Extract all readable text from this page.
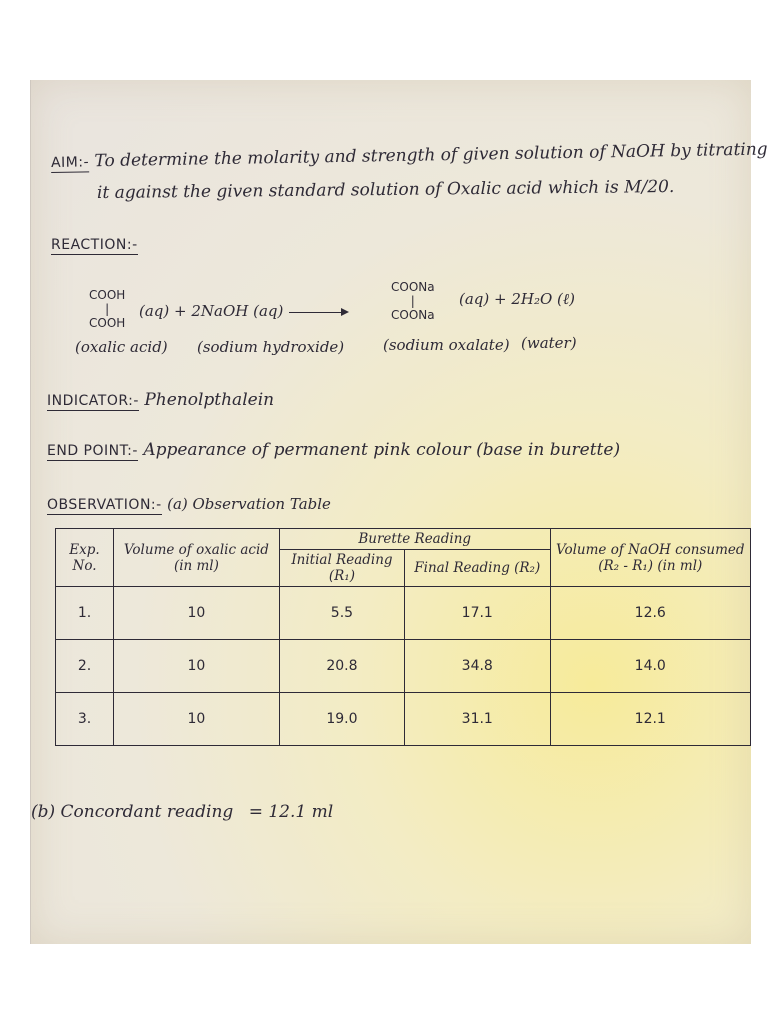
AIM:- To determine the molarity and strength of given solution of NaOH by titrating
it against the given standard solution of Oxalic acid which is M/20.
REACTION:-
COOH
|
COOH
(aq) + 2NaOH (aq) →
COONa
|
COONa
(aq) + 2H₂O (ℓ)
(oxalic acid) (sodium hydroxide)	(sodium oxalate) (water)
INDICATOR:- Phenolpthalein
END POINT:- Appearance of permanent pink colour (base in burette)
OBSERVATION:- (a) Observation Table
Exp. No.	Volume of oxalic acid (in ml)	Burette Reading		Volume of NaOH consumed (R₂ - R₁) (in ml)
		Initial Reading (R₁)	Final Reading (R₂)	
1.	10	5.5	17.1	12.6
2.	10	20.8	34.8	14.0
3.	10	19.0	31.1	12.1
(b) Concordant reading = 12.1 ml
